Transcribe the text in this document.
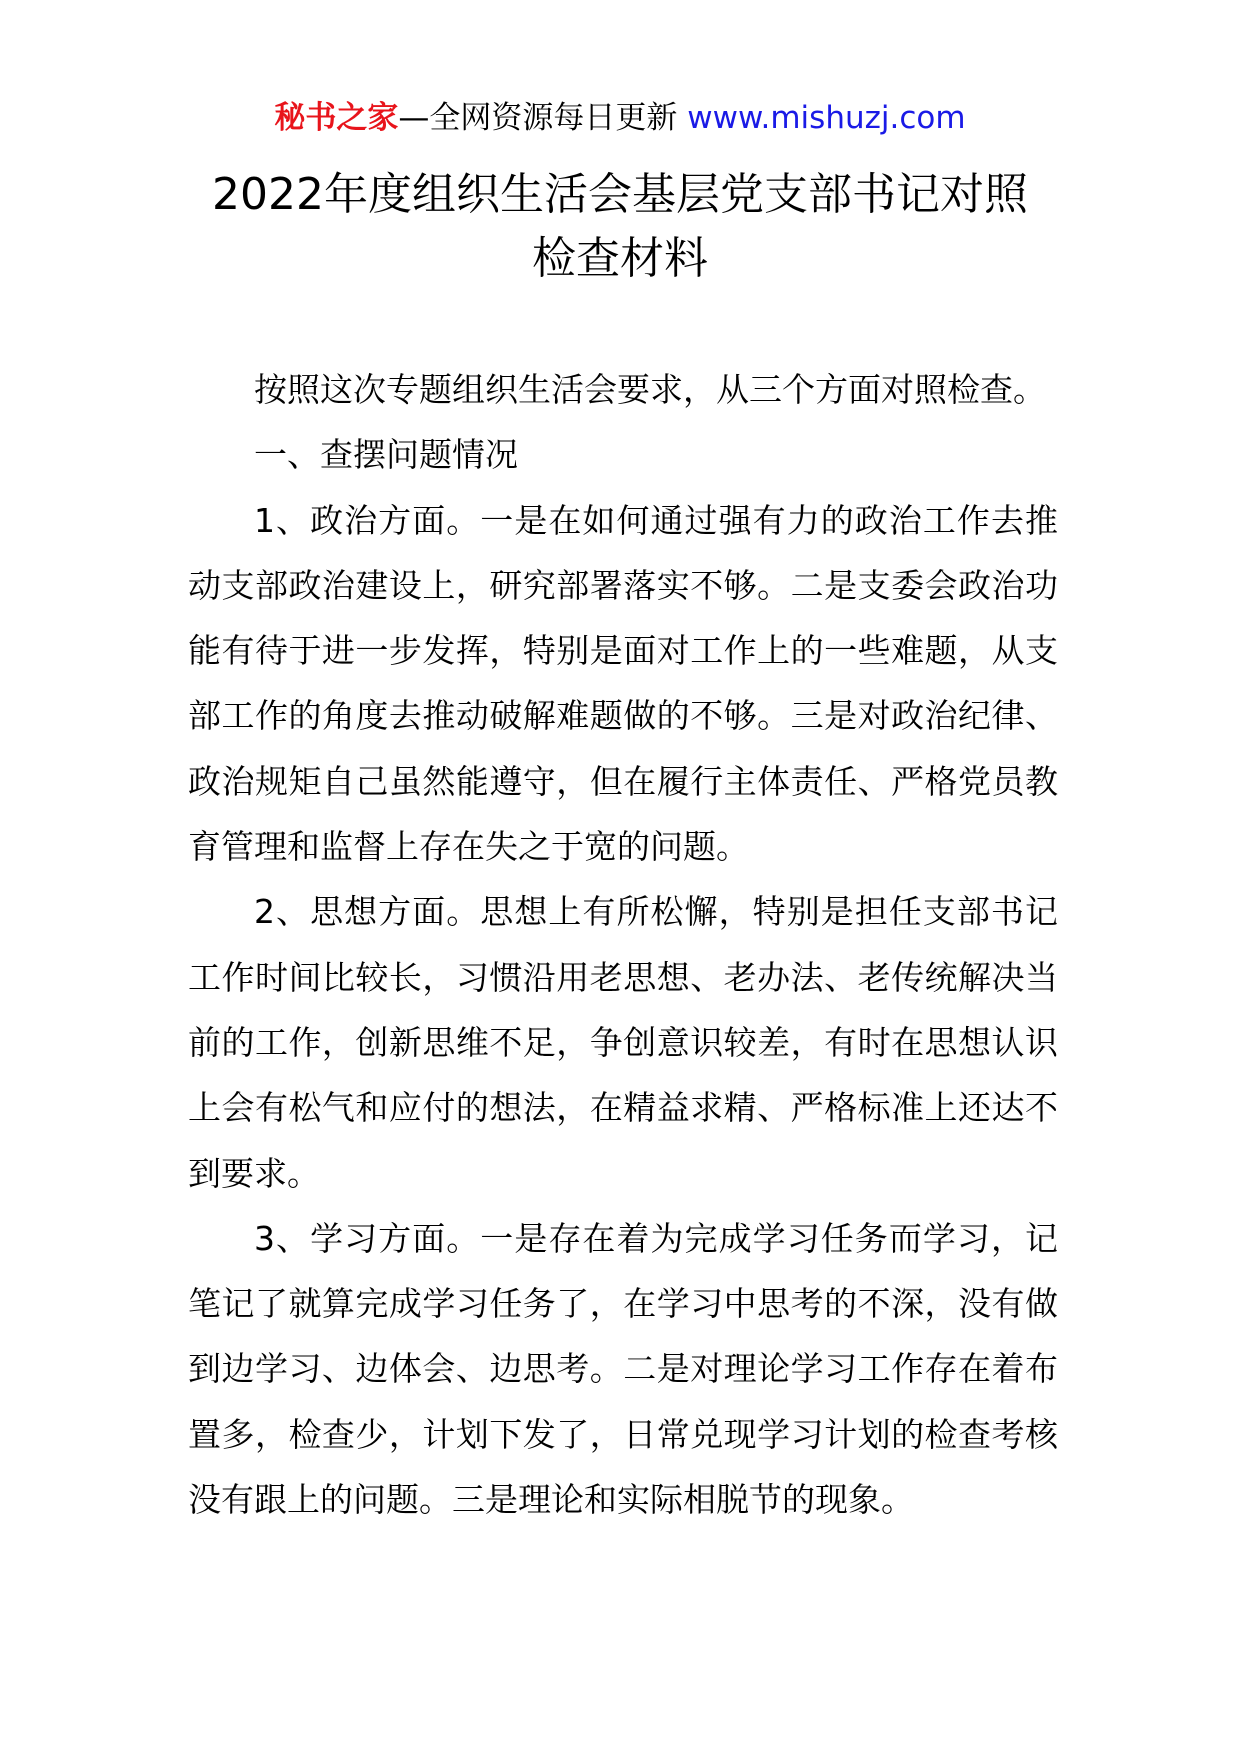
秘书之家—全网资源每日更新 www.mishuzj.com
2022年度组织生活会基层党支部书记对照
检查材料

按照这次专题组织生活会要求，从三个方面对照检查。

一、查摆问题情况

1、政治方面。一是在如何通过强有力的政治工作去推动支部政治建设上，研究部署落实不够。二是支委会政治功能有待于进一步发挥，特别是面对工作上的一些难题，从支部工作的角度去推动破解难题做的不够。三是对政治纪律、政治规矩自己虽然能遵守，但在履行主体责任、严格党员教育管理和监督上存在失之于宽的问题。

2、思想方面。思想上有所松懈，特别是担任支部书记工作时间比较长，习惯沿用老思想、老办法、老传统解决当前的工作，创新思维不足，争创意识较差，有时在思想认识上会有松气和应付的想法，在精益求精、严格标准上还达不到要求。

3、学习方面。一是存在着为完成学习任务而学习，记笔记了就算完成学习任务了，在学习中思考的不深，没有做到边学习、边体会、边思考。二是对理论学习工作存在着布置多，检查少，计划下发了，日常兑现学习计划的检查考核没有跟上的问题。三是理论和实际相脱节的现象。
